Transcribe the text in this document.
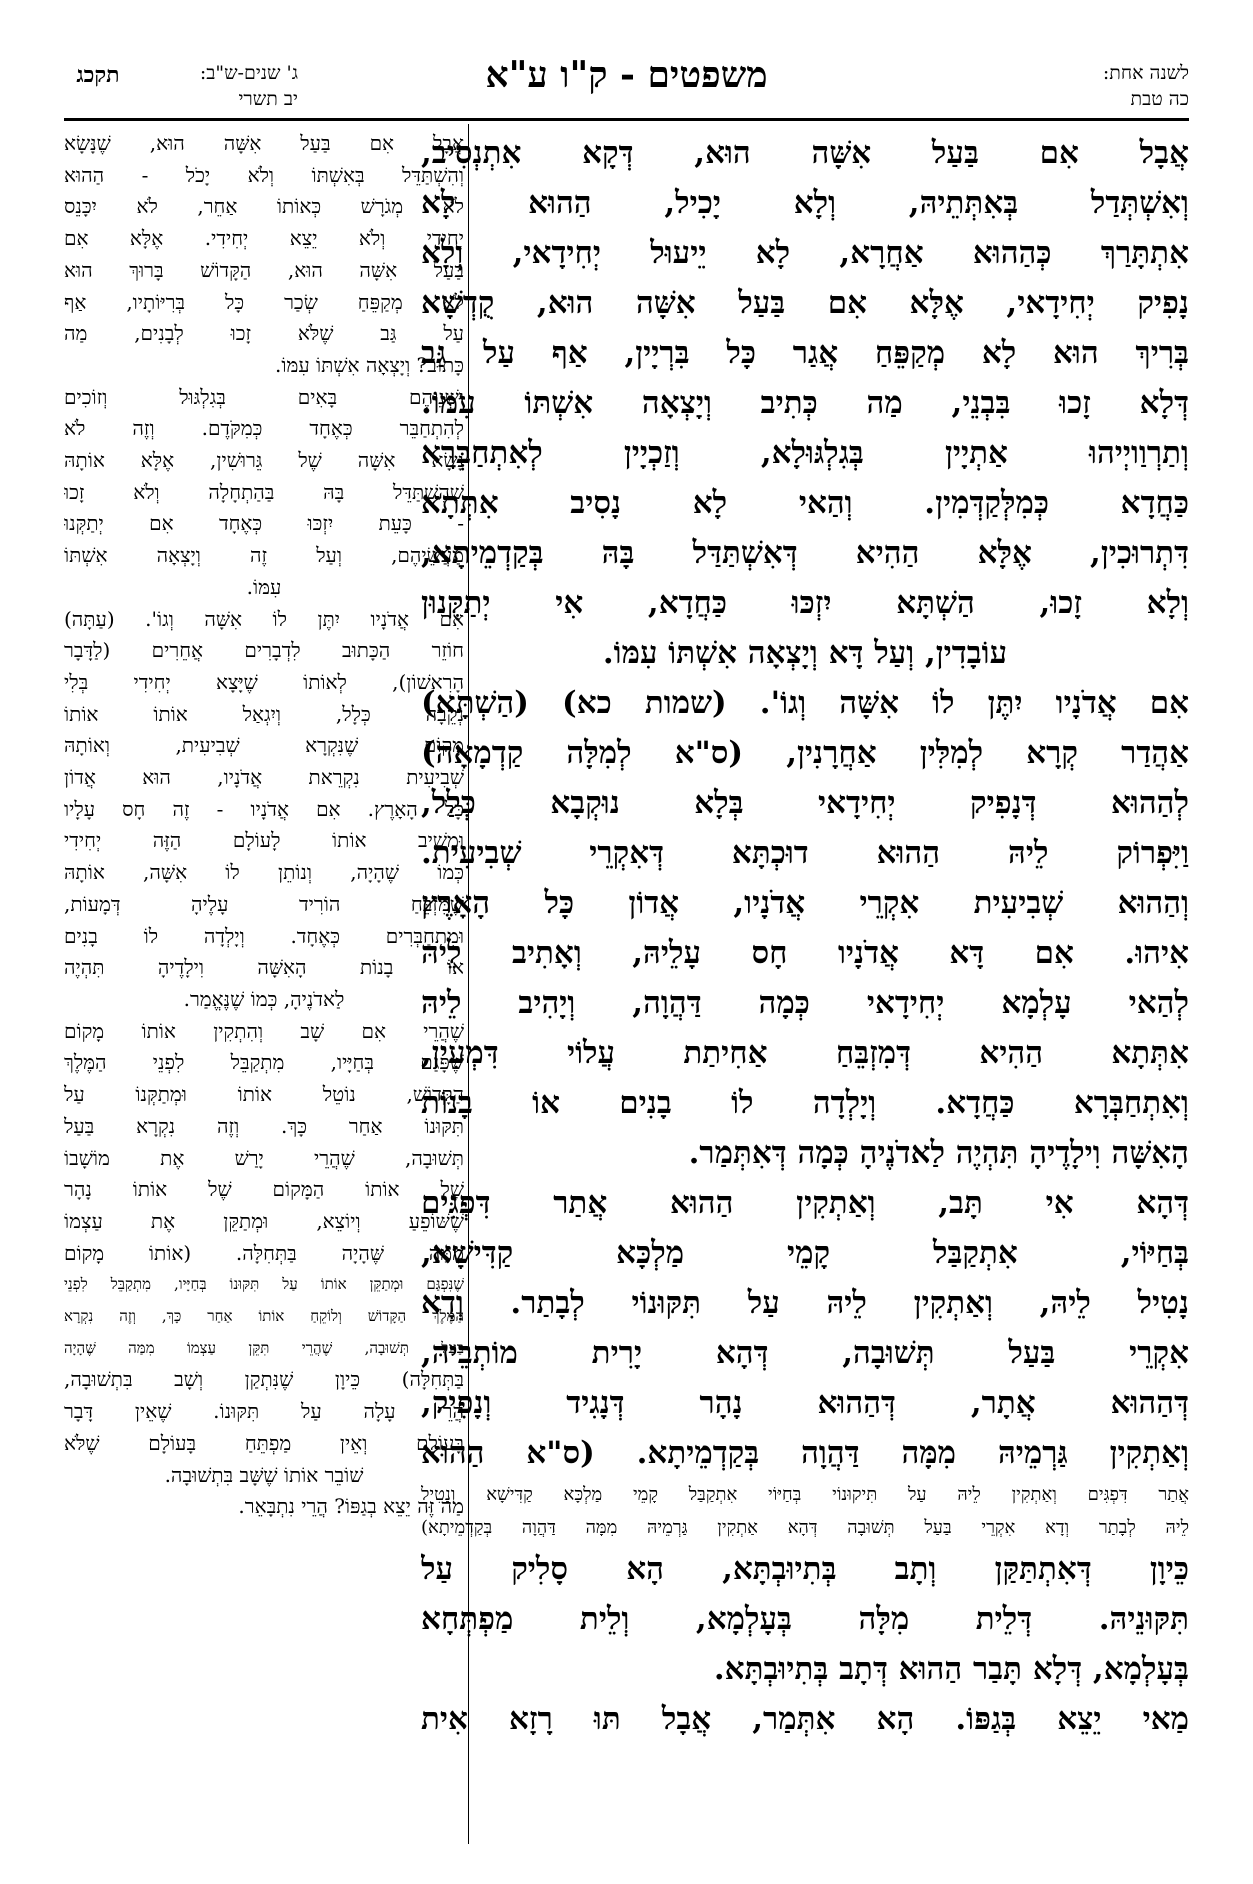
לשנה אחת:
כה טבת
משפטים - ק"ו ע"א
ג' שנים-ש"ב:
יב תשרי
תקכג
אֲבָל אִם בַּעַל אִשָּׁה הוּא, דְּקָא אִתְנְסִיב,
וְאִשְׁתְּדַל בְּאִתְּתֵיהּ, וְלָא יָכִיל, הַהוּא לָא
אִתְתָּרַךְ כְּהַהוּא אַחֲרָא, לָא יֵיעוּל יְחִידָאי, וְלָא
נָפִיק יְחִידָאי, אֶלָּא אִם בַּעַל אִשָּׁה הוּא, קֻדְשָׁא
בְּרִיךְ הוּא לָא מְקַפֵּחַ אֲגַר כָּל בִּרְיָין, אַף עַל גַּב
דְּלָא זָכוּ בִּבְנֵי, מַה כְּתִיב וְיָצְאָה אִשְׁתּוֹ עִמּוֹ.
וְתַרְוַויְיהוּ אַתְיָין בְּגִלְגּוּלָא, וְזַכְיָין לְאִתְחַבְּרָא
כַּחֲדָא כְּמִלְּקַדְּמִין. וְהַאי לָא נָסִיב אִתְּתָא
דִּתְרוּכִין, אֶלָּא הַהִיא דְּאִשְׁתַּדַּל בָּהּ בְּקַדְמֵיתָא,
וְלָא זָכוּ, הַשְׁתָּא יִזְכּוּ כַּחֲדָא, אִי יְתַקְּנוּן
עוֹבָדִין, וְעַל דָּא וְיָצְאָה אִשְׁתּוֹ עִמּוֹ.
אִם אֲדֹנָיו יִתֶּן לוֹ אִשָּׁה וְגוֹ'. (שמות כא) (הַשְׁתָּא)
אַהֲדַר קְרָא לְמִלִּין אַחֲרָנִין, (ס"א לְמִלָּה קַדְמָאָה)
לְהַהוּא דְּנָפִיק יְחִידָאי בְּלָא נוּקְבָא כְּלַל,
וַיִּפְרוֹק לֵיהּ הַהוּא דוּכְתָּא דְּאִקְרֵי שְׁבִיעִית.
וְהַהוּא שְׁבִיעִית אִקְרֵי אֲדֹנָיו, אֲדוֹן כָּל הָאָרֶץ
אִיהוּ. אִם דָּא אֲדֹנָיו חָס עָלֵיהּ, וְאָתִיב לֵיהּ
לְהַאי עָלְמָא יְחִידָאי כְּמָה דַּהֲוָה, וְיָהִיב לֵיהּ
אִתְּתָא הַהִיא דְּמִזְבֵּחַ אַחִיתַת עֲלוֹי דִּמְעִין,
וְאִתְחַבְּרָא כַּחֲדָא. וְיָלְדָה לוֹ בָנִים אוֹ בָנוֹת
הָאִשָּׁה וִילָדֶיהָ תִּהְיֶה לַאדֹנֶיהָ כְּמָה דְּאִתְּמַר.
דְּהָא אִי תָּב, וְאַתְקִין הַהוּא אֲתַר דִּפְגִּים
בְּחַיּוֹי, אִתְקַבַּל קָמֵי מַלְכָּא קַדִּישָׁא,
נָטִיל לֵיהּ, וְאַתְקִין לֵיהּ עַל תִּקּוּנוֹי לְבָתַר. וְדָא
אִקְרֵי בַּעַל תְּשׁוּבָה, דְּהָא יָרִית מוֹתְבֵיהּ,
דְּהַהוּא אֲתָר, דְּהַהוּא נָהָר דְּנָגִיד וְנָפִיק,
וְאַתְקִין גַּרְמֵיהּ מִמָּה דַּהֲוָה בְּקַדְמֵיתָא. (ס"א הַהוּא
אֲתַר דִּפְגִּים וְאַתְקִין לֵיהּ עַל תִּיקוּנוֹי בְּחַיּוֹי אִתְקַבַּל קָמֵי מַלְכָּא קַדִּישָׁא וְנָטִיל
לֵיהּ לְבָתַר וְדָא אִקְרֵי בַּעַל תְּשׁוּבָה דְּהָא אַתְקִין גַּרְמֵיהּ מִמָּה דַּהֲוָה בְּקַדְמֵיתָא)
כֵּיוָן דְּאִתְתַּקַּן וְתָב בְּתִיוּבְתָּא, הָא סָלִיק עַל
תִּקּוּנֵיהּ. דְּלֵית מִלָּה בְּעָלְמָא, וְלֵית מַפְתְּחָא
בְּעָלְמָא, דְּלָא תָּבַר הַהוּא דְּתָב בְּתִיוּבְתָּא.
מַאי יֵצֵא בְּגַפּוֹ. הָא אִתְּמַר, אֲבָל תּוּ רָזָא אִית
אֲבָל אִם בַּעַל אִשָּׁה הוּא, שֶׁנָּשָׂא
וְהִשְׁתַּדֵּל בְּאִשְׁתּוֹ וְלֹא יָכֹל - הַהוּא
לֹא מְגֹרָשׁ כְּאוֹתוֹ אַחֵר, לֹא יִכָּנֵס
יְחִידִי וְלֹא יֵצֵא יְחִידִי. אֶלָּא אִם
בַּעַל אִשָּׁה הוּא, הַקָּדוֹשׁ בָּרוּךְ הוּא
לֹא מְקַפֵּחַ שְׂכַר כָּל בְּרִיּוֹתָיו, אַף
עַל גַּב שֶׁלֹּא זָכוּ לְבָנִים, מַה
כָּתוּב? וְיָצְאָה אִשְׁתּוֹ עִמּוֹ.
וּשְׁנֵיהֶם בָּאִים בְּגִלְגּוּל וְזוֹכִים
לְהִתְחַבֵּר כְּאֶחָד כְּמִקֹּדֶם. וְזֶה לֹא
נָשָׂא אִשָּׁה שֶׁל גֵּרוּשִׁין, אֶלָּא אוֹתָהּ
שֶׁהִשְׁתַּדֵּל בָּהּ בַּהַתְחָלָה וְלֹא זָכוּ
- כָּעֵת יִזְכּוּ כְּאֶחָד אִם יְתַקְּנוּ
מַעֲשֵׂיהֶם, וְעַל זֶה וְיָצְאָה אִשְׁתּוֹ
עִמּוֹ.
אִם אֲדֹנָיו יִתֶּן לוֹ אִשָּׁה וְגוֹ'. (עַתָּה)
חוֹזֵר הַכָּתוּב לִדְבָרִים אֲחֵרִים (לַדָּבָר
הָרִאשׁוֹן), לְאוֹתוֹ שֶׁיָּצָא יְחִידִי בְּלִי
נְקֵבָה כְּלָל, וְיִגְאַל אוֹתוֹ אוֹתוֹ
מָקוֹם שֶׁנִּקְרָא שְׁבִיעִית, וְאוֹתָהּ
שְׁבִיעִית נִקְרֵאת אֲדֹנָיו, הוּא אֲדוֹן
כָּל הָאָרֶץ. אִם אֲדֹנָיו - זֶה חָס עָלָיו
וּמֵשִׁיב אוֹתוֹ לָעוֹלָם הַזֶּה יְחִידִי
כְּמוֹ שֶׁהָיָה, וְנוֹתֵן לוֹ אִשָּׁה, אוֹתָהּ
שֶׁמִּזְבֵּחַ הוֹרִיד עָלֶיהָ דְּמָעוֹת,
וּמִתְחַבְּרִים כְּאֶחָד. וְיָלְדָה לוֹ בָנִים
אוֹ בָנוֹת הָאִשָּׁה וִילָדֶיהָ תִּהְיֶה
לַאדֹנֶיהָ, כְּמוֹ שֶׁנֶּאֱמַר.
שֶׁהֲרֵי אִם שָׁב וְהִתְקִין אוֹתוֹ מָקוֹם
שֶׁפָּגַם בְּחַיָּיו, מִתְקַבֵּל לִפְנֵי הַמֶּלֶךְ
הַקָּדוֹשׁ, נוֹטֵל אוֹתוֹ וּמְתַקְּנוֹ עַל
תִּקּוּנוֹ אַחַר כָּךְ. וְזֶה נִקְרָא בַּעַל
תְּשׁוּבָה, שֶׁהֲרֵי יָרַשׁ אֶת מוֹשָׁבוֹ
שֶׁל אוֹתוֹ הַמָּקוֹם שֶׁל אוֹתוֹ נָהָר
שֶׁשּׁוֹפֵעַ וְיוֹצֵא, וּמְתַקֵּן אֶת עַצְמוֹ
מִמַּה שֶּׁהָיָה בַּתְּחִלָּה. (אוֹתוֹ מָקוֹם
שֶׁנִּפְגַּם וּמְתַקֵּן אוֹתוֹ עַל תִּקּוּנוֹ בְּחַיָּיו, מִתְקַבֵּל לִפְנֵי
הַמֶּלֶךְ הַקָּדוֹשׁ וְלוֹקֵחַ אוֹתוֹ אַחַר כָּךְ, וְזֶה נִקְרָא
בַּעַל תְּשׁוּבָה, שֶׁהֲרֵי תִּקֵּן עַצְמוֹ מִמַּה שֶּׁהָיָה
בַּתְּחִלָּה) כֵּיוָן שֶׁנִּתְקַן וְשָׁב בִּתְשׁוּבָה,
הֲרֵי עָלָה עַל תִּקּוּנוֹ. שֶׁאֵין דָּבָר
בָּעוֹלָם וְאֵין מַפְתֵּחַ בָּעוֹלָם שֶׁלֹּא
שׁוֹבֵר אוֹתוֹ שֶׁשָּׁב בִּתְשׁוּבָה.
מַה זֶּה יֵצֵא בְגַפּוֹ? הֲרֵי נִתְבָּאֵר.
